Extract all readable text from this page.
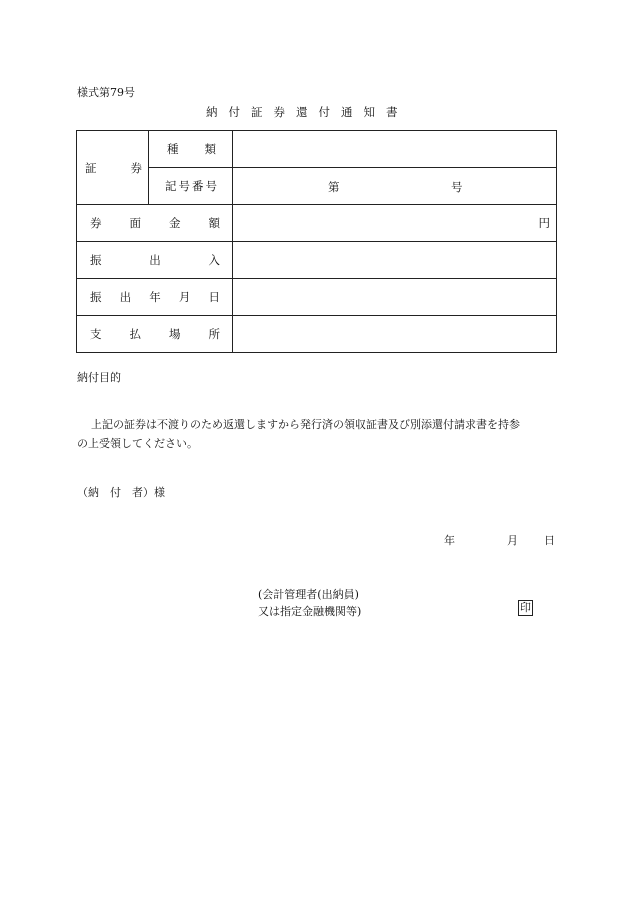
様式第79号
納付証券還付通知書
証 券	種 類	

	記号番号	第 号

券 面 金 額		円

振 出 入		

振 出 年 月 日		

支 払 場 所		

納付目的
上記の証券は不渡りのため返還しますから発行済の領収証書及び別添還付請求書を持参
の上受領してください。
（納　付　者）様
年	月 日
(会計管理者(出納員)
又は指定金融機関等)	印
